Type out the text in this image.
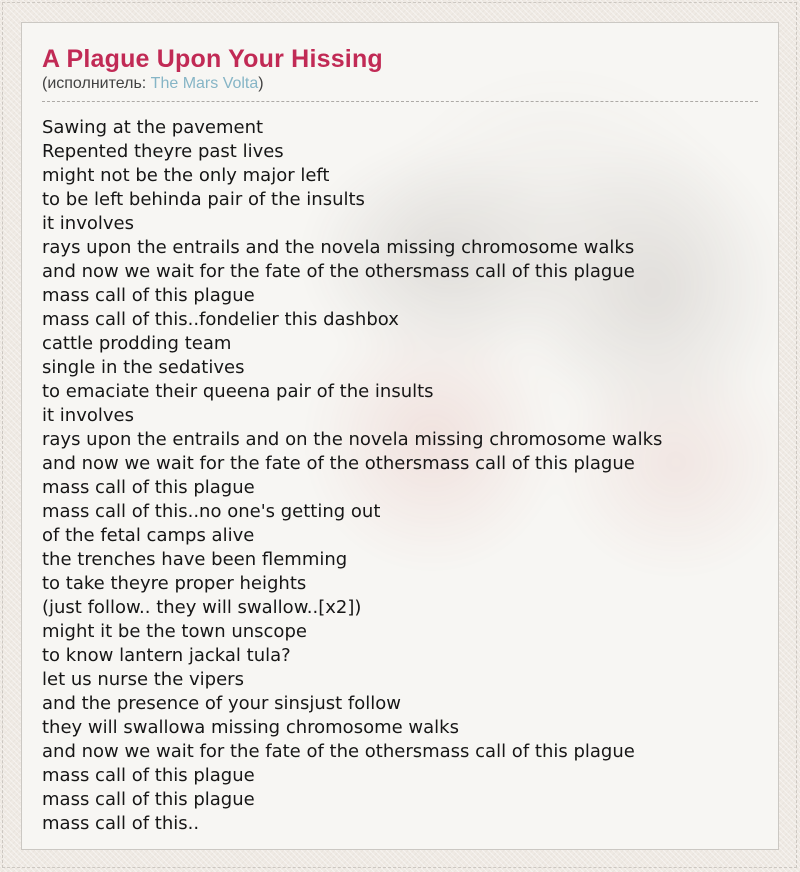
A Plague Upon Your Hissing
(исполнитель: The Mars Volta)
Sawing at the pavement
Repented theyre past lives
might not be the only major left
to be left behinda pair of the insults
it involves
rays upon the entrails and the novela missing chromosome walks
and now we wait for the fate of the othersmass call of this plague
mass call of this plague
mass call of this..fondelier this dashbox
cattle prodding team
single in the sedatives
to emaciate their queena pair of the insults
it involves
rays upon the entrails and on the novela missing chromosome walks
and now we wait for the fate of the othersmass call of this plague
mass call of this plague
mass call of this..no one's getting out
of the fetal camps alive
the trenches have been flemming
to take theyre proper heights
(just follow.. they will swallow..[x2])
might it be the town unscope
to know lantern jackal tula?
let us nurse the vipers
and the presence of your sinsjust follow
they will swallowa missing chromosome walks
and now we wait for the fate of the othersmass call of this plague
mass call of this plague
mass call of this plague
mass call of this..
